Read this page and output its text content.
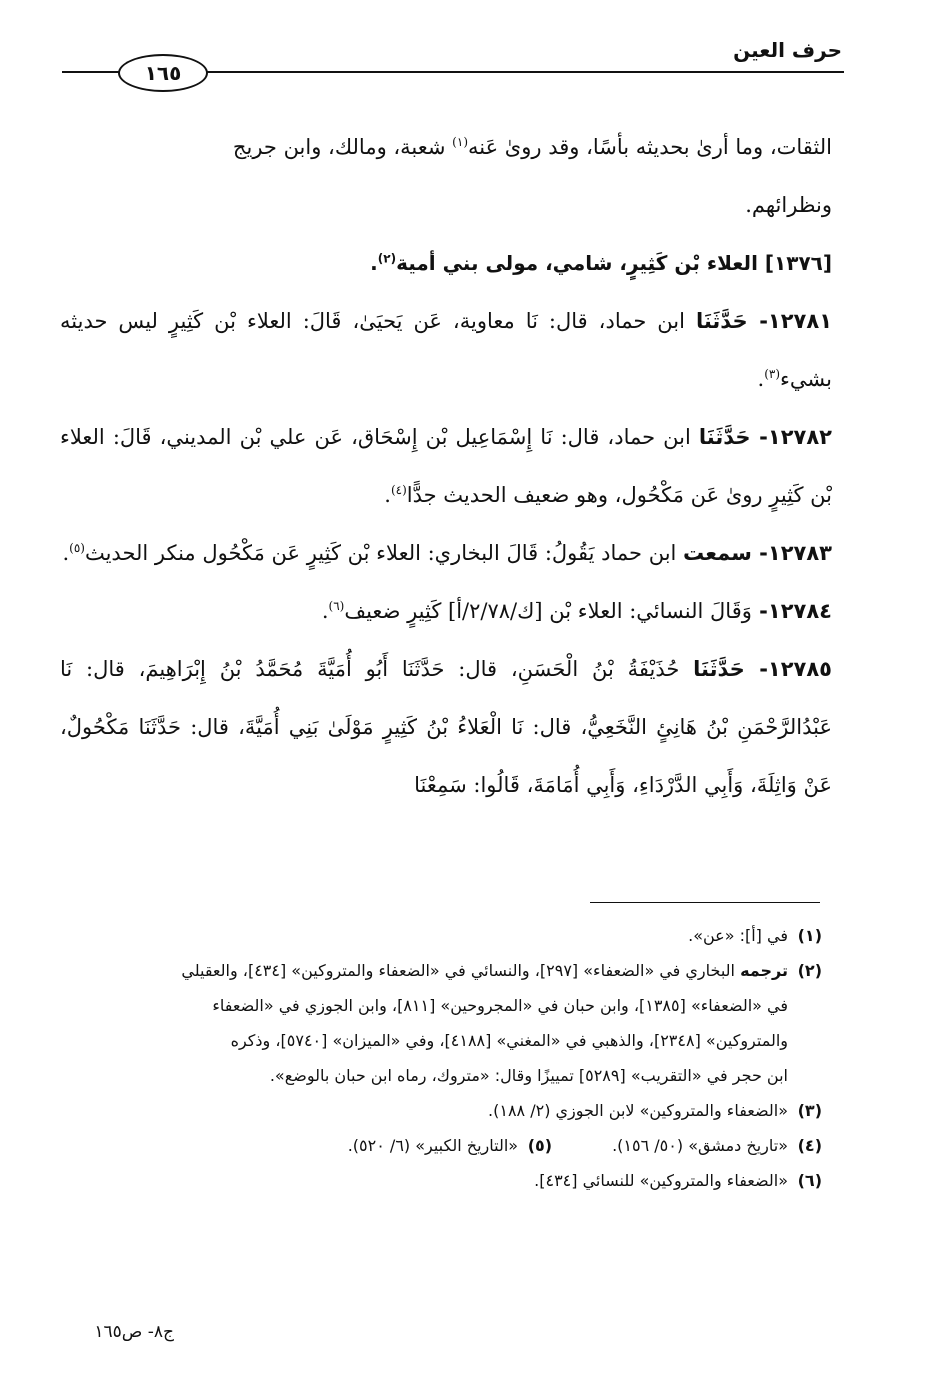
حرف العين
١٦٥

الثقات، وما أرىٰ بحديثه بأسًا، وقد روىٰ عَنه$^{(١)}$ شعبة، ومالك، وابن جريج
ونظرائهم.

[١٣٧٦] العلاء بْن كَثِيرٍ، شامي، مولى بني أمية$^{(٢)}$.

١٢٧٨١- حَدَّثَنَا ابن حماد، قال: نَا معاوية، عَن يَحيَىٰ، قَالَ: العلاء بْن كَثِيرٍ ليس حديثه بشيء$^{(٣)}$.

١٢٧٨٢- حَدَّثَنَا ابن حماد، قال: نَا إِسْمَاعِيل بْن إِسْحَاق، عَن علي بْن المديني، قَالَ: العلاء بْن كَثِيرٍ روىٰ عَن مَكْحُول، وهو ضعيف الحديث جدًّا$^{(٤)}$.

١٢٧٨٣- سمعت ابن حماد يَقُولُ: قَالَ البخاري: العلاء بْن كَثِيرٍ عَن مَكْحُول منكر الحديث$^{(٥)}$.

١٢٧٨٤- وَقَالَ النسائي: العلاء بْن [ك/٢/٧٨/أ] كَثِيرٍ ضعيف$^{(٦)}$.

١٢٧٨٥- حَدَّثَنَا حُذَيْفَةُ بْنُ الْحَسَنِ، قال: حَدَّثَنَا أَبُو أُمَيَّةَ مُحَمَّدُ بْنُ إِبْرَاهِيمَ، قال: نَا عَبْدُالرَّحْمَنِ بْنُ هَانِئٍ النَّخَعِيُّ، قال: نَا الْعَلاءُ بْنُ كَثِيرٍ مَوْلَىٰ بَنِي أُمَيَّةَ، قال: حَدَّثَنَا مَكْحُولٌ، عَنْ وَاثِلَةَ، وَأَبِي الدَّرْدَاءِ، وَأَبِي أُمَامَةَ، قَالُوا: سَمِعْنَا

(١)في [أ]: «عن».

(٢)ترجمه البخاري في «الضعفاء» [٢٩٧]، والنسائي في «الضعفاء والمتروكين» [٤٣٤]، والعقيلي

في «الضعفاء» [١٣٨٥]، وابن حبان في «المجروحين» [٨١١]، وابن الجوزي في «الضعفاء

والمتروكين» [٢٣٤٨]، والذهبي في «المغني» [٤١٨٨]، وفي «الميزان» [٥٧٤٠]، وذكره

ابن حجر في «التقريب» [٥٢٨٩] تمييزًا وقال: «متروك، رماه ابن حبان بالوضع».

(٣)«الضعفاء والمتروكين» لابن الجوزي (٢/ ١٨٨).

(٤)«تاريخ دمشق» (٥٠/ ١٥٦).(٥)«التاريخ الكبير» (٦/ ٥٢٠).

(٦)«الضعفاء والمتروكين» للنسائي [٤٣٤].

ج٨- ص١٦٥
